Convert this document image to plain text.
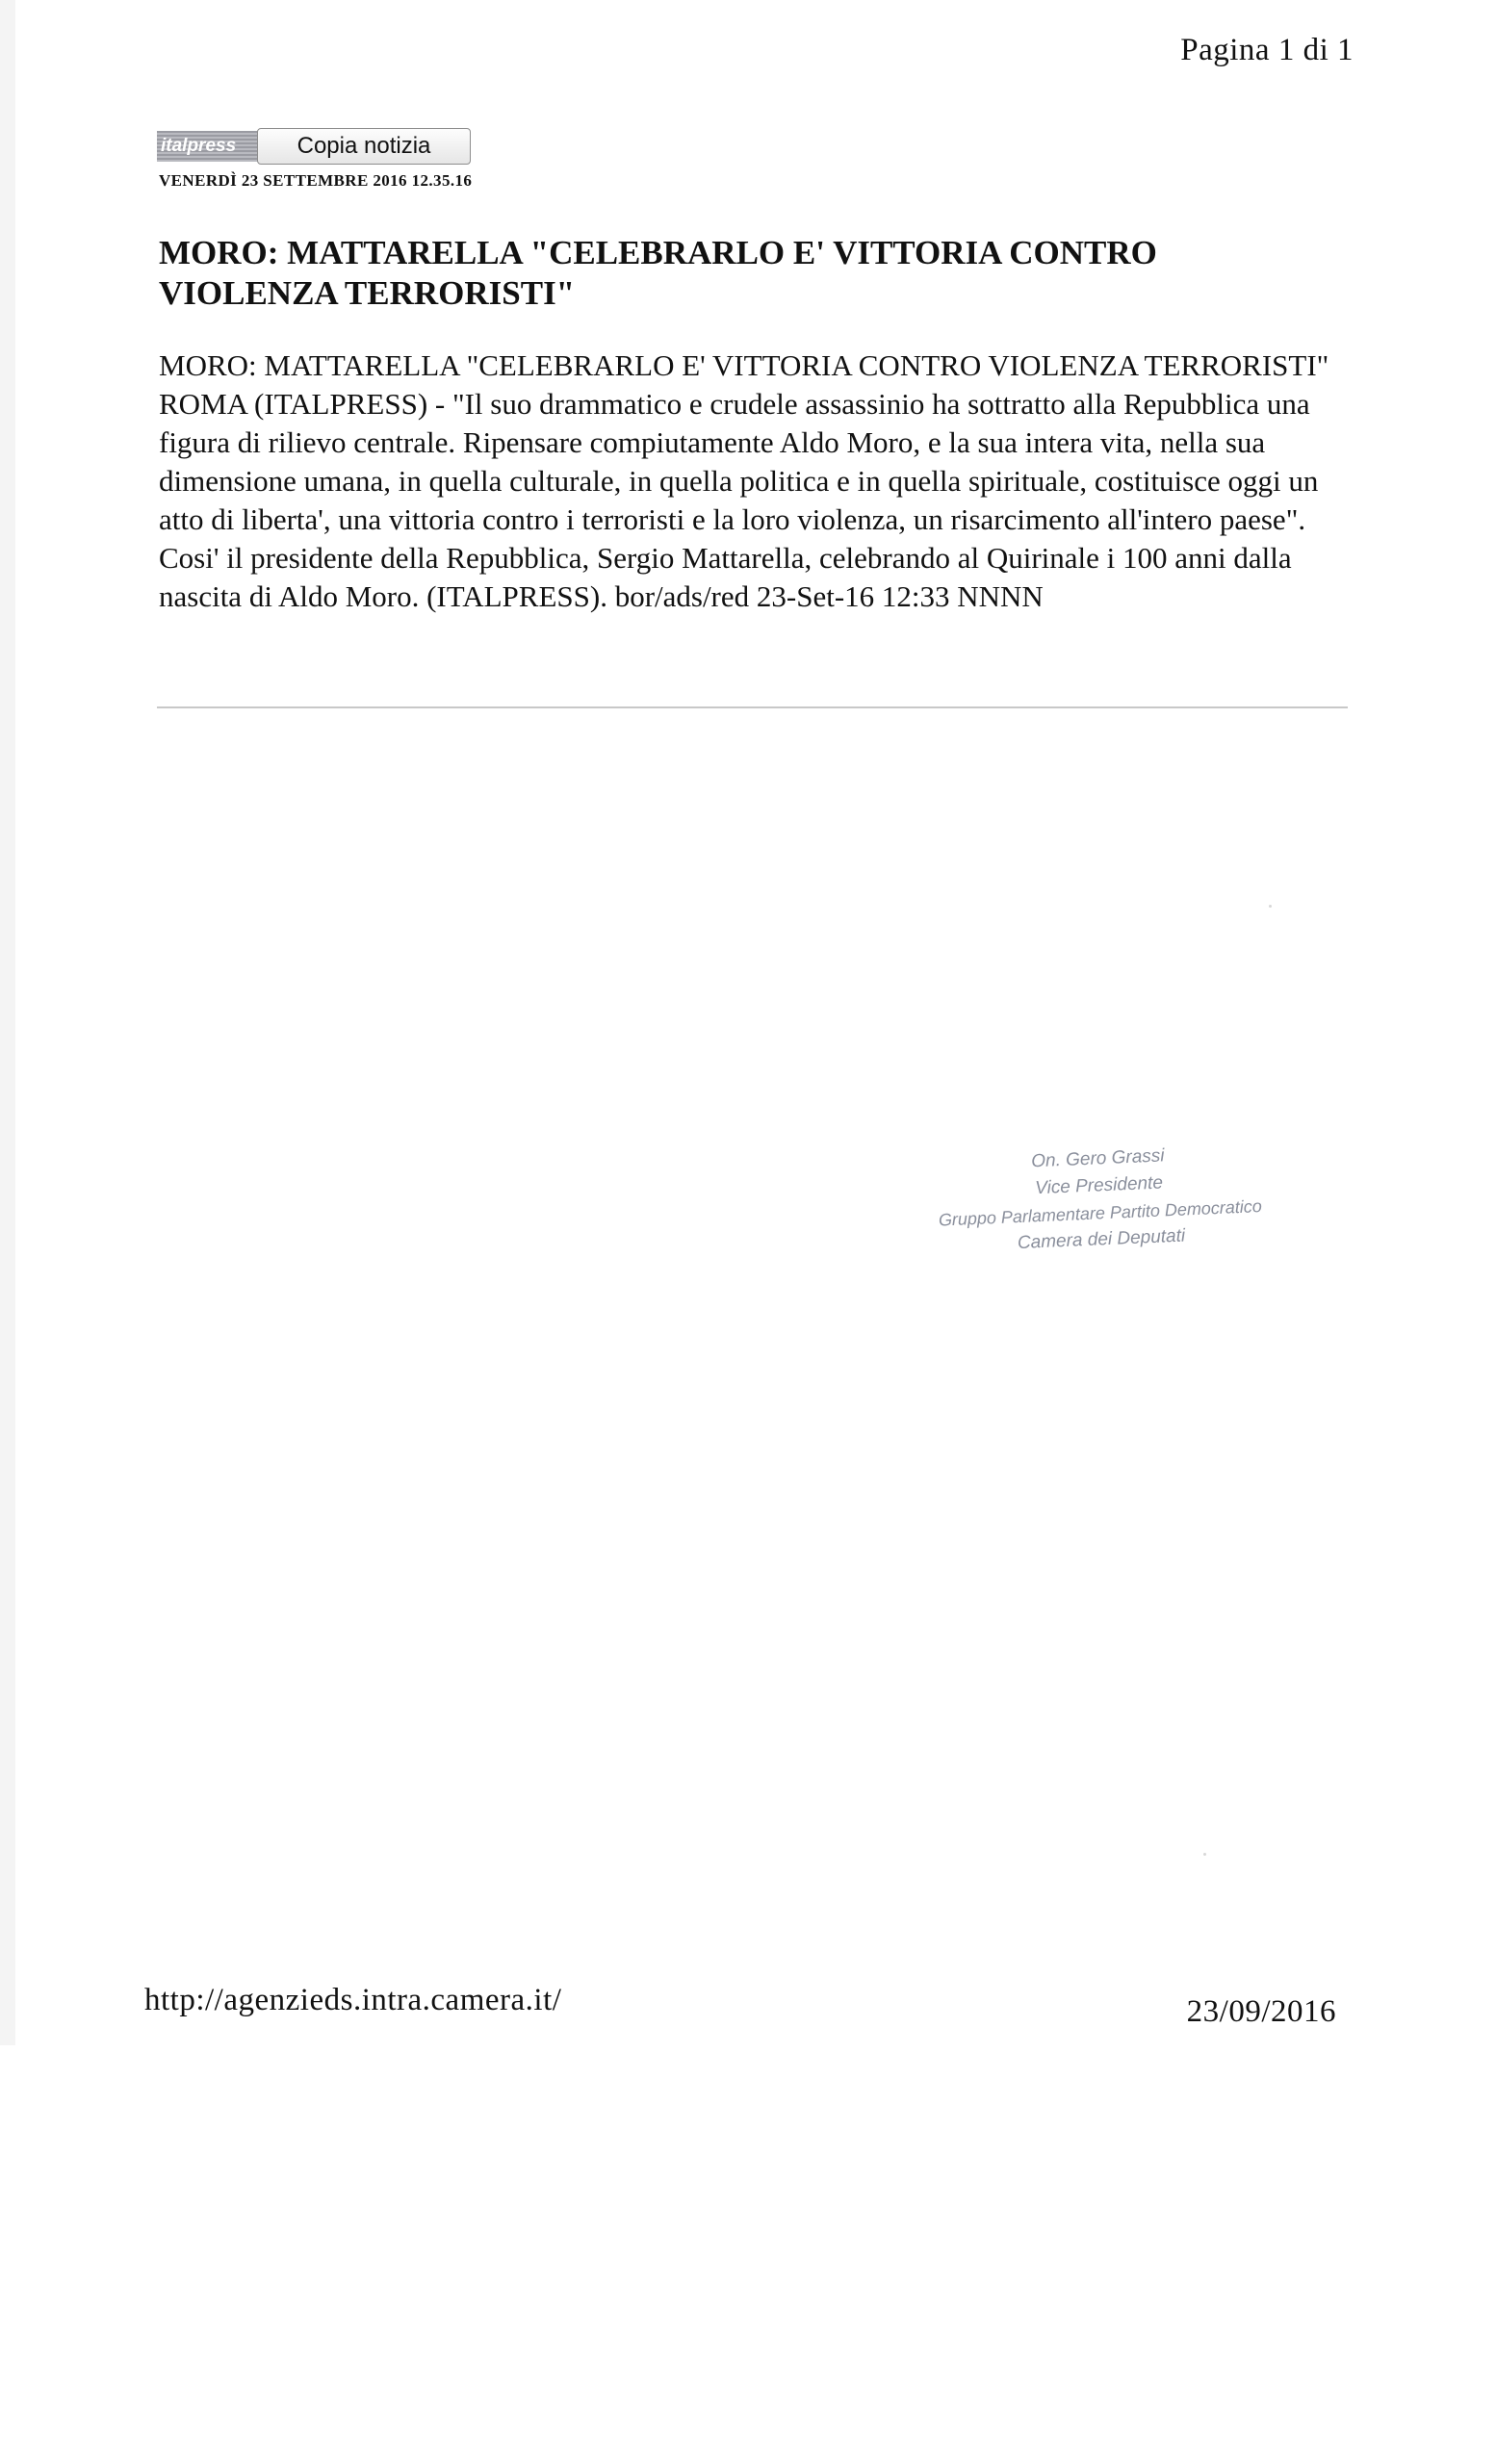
Pagina 1 di 1
italpress	Copia notizia
VENERDÌ 23 SETTEMBRE 2016 12.35.16
MORO: MATTARELLA "CELEBRARLO E' VITTORIA CONTRO VIOLENZA TERRORISTI"

MORO: MATTARELLA "CELEBRARLO E' VITTORIA CONTRO VIOLENZA TERRORISTI" ROMA (ITALPRESS) - "Il suo drammatico e crudele assassinio ha sottratto alla Repubblica una figura di rilievo centrale. Ripensare compiutamente Aldo Moro, e la sua intera vita, nella sua dimensione umana, in quella culturale, in quella politica e in quella spirituale, costituisce oggi un atto di liberta', una vittoria contro i terroristi e la loro violenza, un risarcimento all'intero paese". Cosi' il presidente della Repubblica, Sergio Mattarella, celebrando al Quirinale i 100 anni dalla nascita di Aldo Moro. (ITALPRESS). bor/ads/red 23-Set-16 12:33 NNNN

On. Gero Grassi
Vice Presidente
Gruppo Parlamentare Partito Democratico
Camera dei Deputati
http://agenzieds.intra.camera.it/	23/09/2016
